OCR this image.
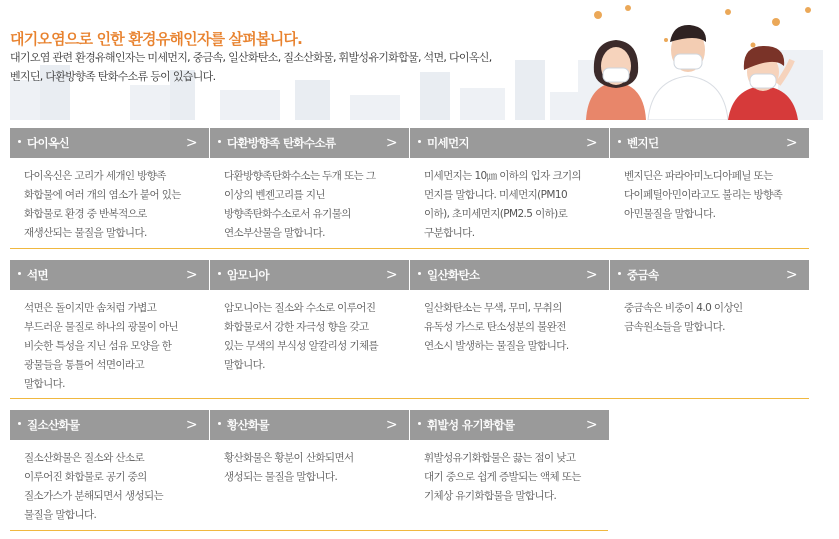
대기오염으로 인한 환경유해인자를 살펴봅니다.
대기오염 관련 환경유해인자는 미세먼지, 중금속, 일산화탄소, 질소산화물, 휘발성유기화합물, 석면, 다이옥신,
벤지딘, 다환방향족 탄화수소류 등이 있습니다.
다이옥신	>
다이옥신은 고리가 세개인 방향족
화합물에 여러 개의 염소가 붙어 있는
화합물로 환경 중 반복적으로
재생산되는 물질을 말합니다.
다환방향족 탄화수소류	>
다환방향족탄화수소는 두개 또는 그
이상의 벤젠고리를 지닌
방향족탄화수소로서 유기물의
연소부산물을 말합니다.
미세먼지	>
미세먼지는 10㎛ 이하의 입자 크기의
먼지를 말합니다. 미세먼지(PM10
이하), 초미세먼지(PM2.5 이하)로
구분합니다.
벤지딘	>
벤지딘은 파라아미노디아페닐 또는
다이페틸아민이라고도 불리는 방향족
아민물질을 말합니다.
석면	>
석면은 돌이지만 솜처럼 가볍고
부드러운 물질로 하나의 광물이 아닌
비슷한 특성을 지닌 섬유 모양을 한
광물들을 통틀어 석면이라고
말합니다.
암모니아	>
암모니아는 질소와 수소로 이루어진
화합물로서 강한 자극성 향을 갖고
있는 무색의 부식성 알칼리성 기체를
말합니다.
일산화탄소	>
일산화탄소는 무색, 무미, 무취의
유독성 가스로 탄소성분의 불완전
연소시 발생하는 물질을 말합니다.
중금속	>
중금속은 비중이 4.0 이상인
금속원소들을 말합니다.
질소산화물	>
질소산화물은 질소와 산소로
이루어진 화합물로 공기 중의
질소가스가 분해되면서 생성되는
물질을 말합니다.
황산화물	>
황산화물은 황분이 산화되면서
생성되는 물질을 말합니다.
휘발성 유기화합물	>
휘발성유기화합물은 끓는 점이 낮고
대기 중으로 쉽게 증발되는 액체 또는
기체상 유기화합물을 말합니다.
